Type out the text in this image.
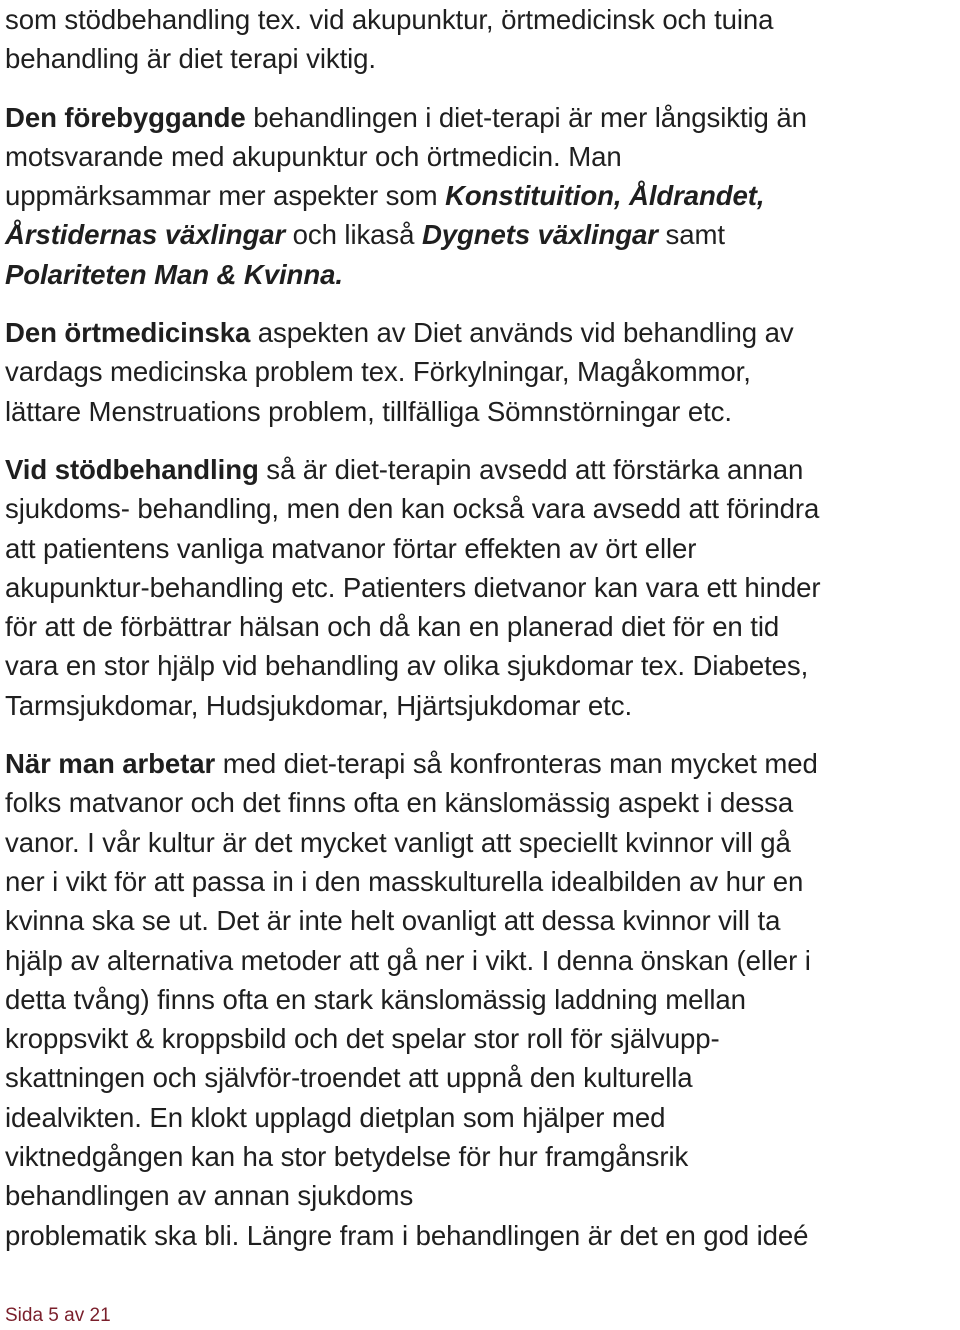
som stödbehandling tex. vid akupunktur, örtmedicinsk och tuina
behandling är diet terapi viktig.

Den förebyggande behandlingen i diet-terapi är mer långsiktig än
motsvarande med akupunktur och örtmedicin. Man
uppmärksammar mer aspekter som Konstituition, Åldrandet,
Årstidernas växlingar och likaså Dygnets växlingar samt
Polariteten Man & Kvinna.

Den örtmedicinska aspekten av Diet används vid behandling av
vardags medicinska problem tex. Förkylningar, Magåkommor,
lättare Menstruations problem, tillfälliga Sömnstörningar etc.

Vid stödbehandling så är diet-terapin avsedd att förstärka annan
sjukdoms- behandling, men den kan också vara avsedd att förindra
att patientens vanliga matvanor förtar effekten av ört eller
akupunktur-behandling etc. Patienters dietvanor kan vara ett hinder
för att de förbättrar hälsan och då kan en planerad diet för en tid
vara en stor hjälp vid behandling av olika sjukdomar tex. Diabetes,
Tarmsjukdomar, Hudsjukdomar, Hjärtsjukdomar etc.

När man arbetar med diet-terapi så konfronteras man mycket med
folks matvanor och det finns ofta en känslomässig aspekt i dessa
vanor. I vår kultur är det mycket vanligt att speciellt kvinnor vill gå
ner i vikt för att passa in i den masskulturella idealbilden av hur en
kvinna ska se ut. Det är inte helt ovanligt att dessa kvinnor vill ta
hjälp av alternativa metoder att gå ner i vikt. I denna önskan (eller i
detta tvång) finns ofta en stark känslomässig laddning mellan
kroppsvikt & kroppsbild och det spelar stor roll för självupp-
skattningen och självför-troendet att uppnå den kulturella
idealvikten. En klokt upplagd dietplan som hjälper med
viktnedgången kan ha stor betydelse för hur framgånsrik
behandlingen av annan sjukdoms
problematik ska bli. Längre fram i behandlingen är det en god ideé

Sida 5 av 21
